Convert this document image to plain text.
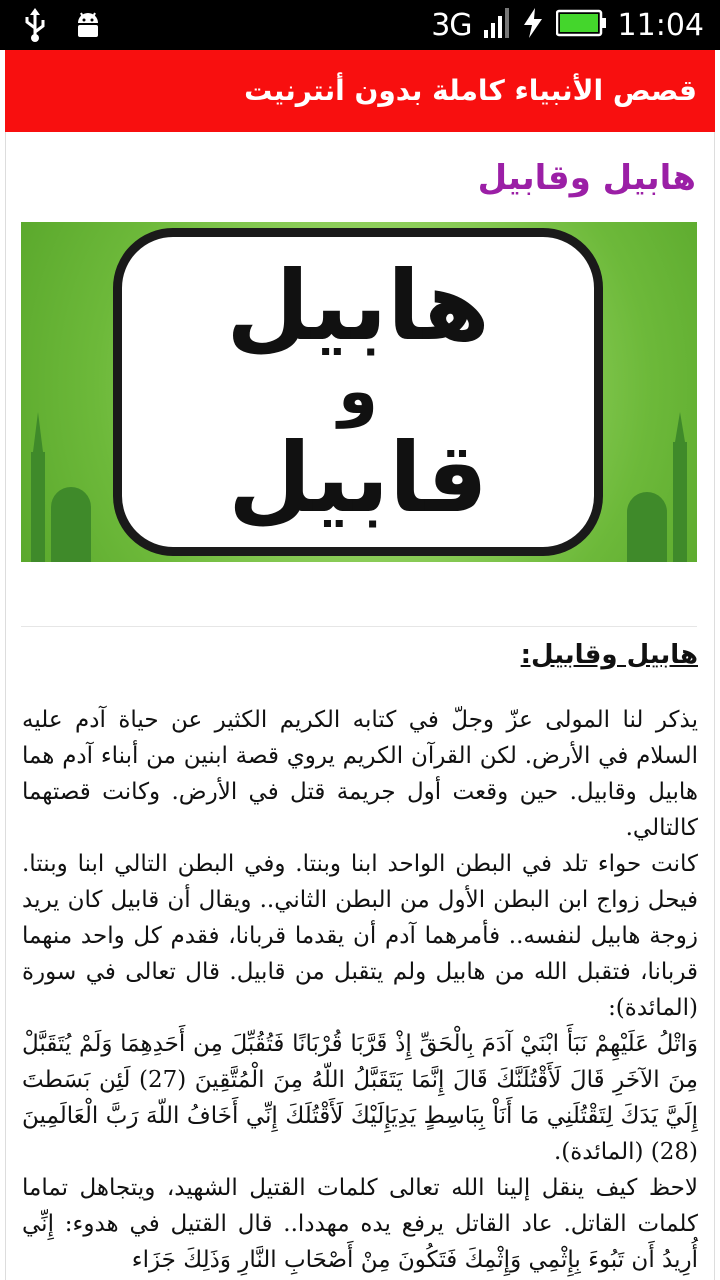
3G	11:04
قصص الأنبياء كاملة بدون أنترنيت
هابيل وقابيل
هابيل
و
قابيل
هابيل وقابيل:

يذكر لنا المولى عزّ وجلّ في كتابه الكريم الكثير عن حياة آدم عليه السلام في الأرض. لكن القرآن الكريم يروي قصة ابنين من أبناء آدم هما هابيل وقابيل. حين وقعت أول جريمة قتل في الأرض. وكانت قصتهما كالتالي.

كانت حواء تلد في البطن الواحد ابنا وبنتا. وفي البطن التالي ابنا وبنتا. فيحل زواج ابن البطن الأول من البطن الثاني.. ويقال أن قابيل كان يريد زوجة هابيل لنفسه.. فأمرهما آدم أن يقدما قربانا، فقدم كل واحد منهما قربانا، فتقبل الله من هابيل ولم يتقبل من قابيل. قال تعالى في سورة (المائدة):

وَاتْلُ عَلَيْهِمْ نَبَأَ ابْنَيْ آدَمَ بِالْحَقِّ إِذْ قَرَّبَا قُرْبَانًا فَتُقُبِّلَ مِن أَحَدِهِمَا وَلَمْ يُتَقَبَّلْ مِنَ الآخَرِ قَالَ لَأَقْتُلَنَّكَ قَالَ إِنَّمَا يَتَقَبَّلُ اللّهُ مِنَ الْمُتَّقِينَ (27) لَئِن بَسَطتَ إِلَيَّ يَدَكَ لِتَقْتُلَنِي مَا أَنَاْ بِبَاسِطٍ يَدِيَإِلَيْكَ لَأَقْتُلَكَ إِنِّي أَخَافُ اللّهَ رَبَّ الْعَالَمِينَ (28) (المائدة).

لاحظ كيف ينقل إلينا الله تعالى كلمات القتيل الشهيد، ويتجاهل تماما كلمات القاتل. عاد القاتل يرفع يده مهددا.. قال القتيل في هدوء: إِنِّي أُرِيدُ أَن تَبُوءَ بِإِثْمِي وَإِثْمِكَ فَتَكُونَ مِنْ أَصْحَابِ النَّارِ وَذَلِكَ جَزَاء
